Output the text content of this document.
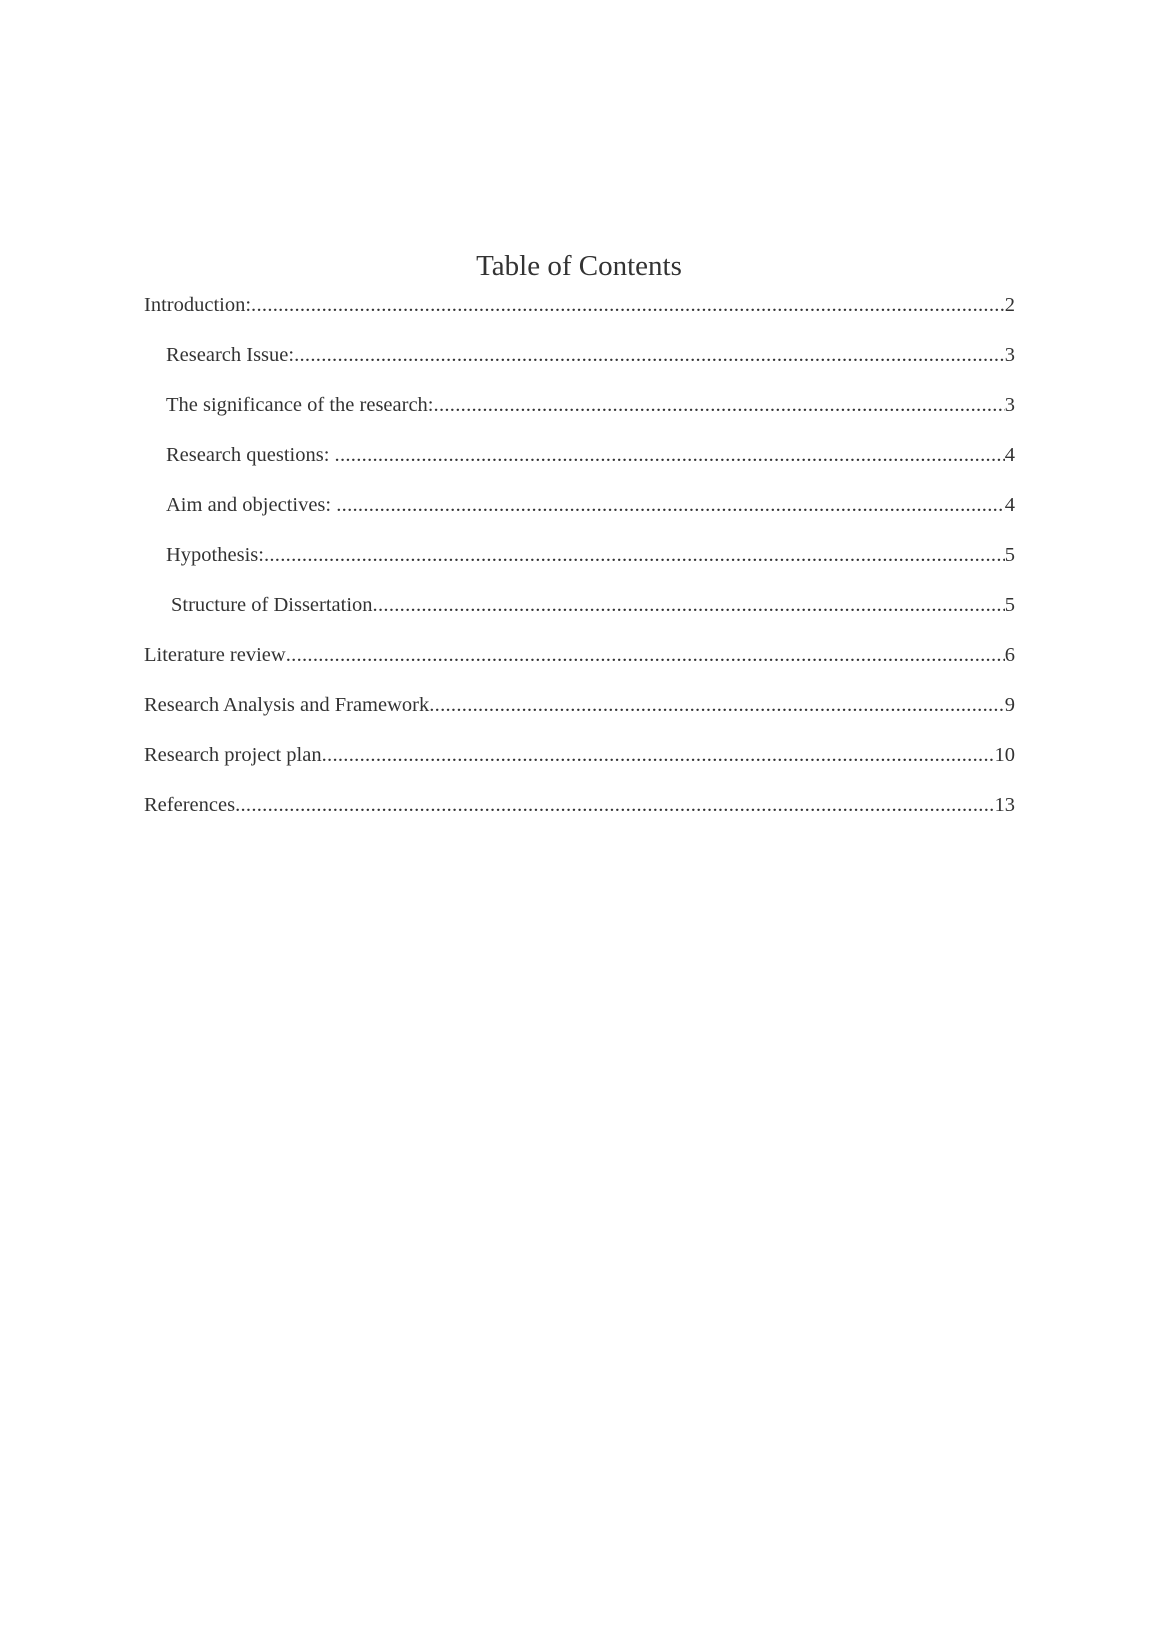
Table of Contents
Introduction: .....	2
Research Issue: .....	3
The significance of the research: .....	3
Research questions: .....	4
Aim and objectives: .....	4
Hypothesis: .....	5
Structure of Dissertation .....	5
Literature review .....	6
Research Analysis and Framework .....	9
Research project plan .....	10
References .....	13
